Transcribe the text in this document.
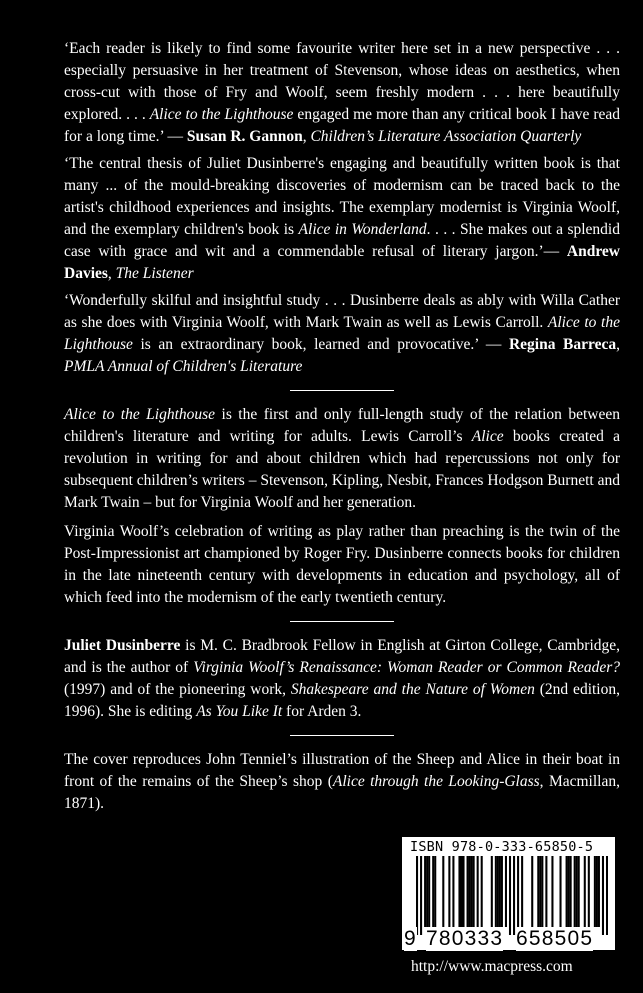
‘Each reader is likely to find some favourite writer here set in a new perspective . . . especially persuasive in her treatment of Stevenson, whose ideas on aesthetics, when cross-cut with those of Fry and Woolf, seem freshly modern . . . here beautifully explored. . . . Alice to the Lighthouse engaged me more than any critical book I have read for a long time.’ — Susan R. Gannon, Children’s Literature Association Quarterly

‘The central thesis of Juliet Dusinberre's engaging and beautifully written book is that many ... of the mould-breaking discoveries of modernism can be traced back to the artist's childhood experiences and insights. The exemplary modernist is Virginia Woolf, and the exemplary children's book is Alice in Wonderland. . . . She makes out a splendid case with grace and wit and a commendable refusal of literary jargon.’— Andrew Davies, The Listener

‘Wonderfully skilful and insightful study . . . Dusinberre deals as ably with Willa Cather as she does with Virginia Woolf, with Mark Twain as well as Lewis Carroll. Alice to the Lighthouse is an extraordinary book, learned and provocative.’ — Regina Barreca, PMLA Annual of Children's Literature

Alice to the Lighthouse is the first and only full-length study of the relation between children's literature and writing for adults. Lewis Carroll’s Alice books created a revolution in writing for and about children which had repercussions not only for subsequent children’s writers – Stevenson, Kipling, Nesbit, Frances Hodgson Burnett and Mark Twain – but for Virginia Woolf and her generation.

Virginia Woolf’s celebration of writing as play rather than preaching is the twin of the Post-Impressionist art championed by Roger Fry. Dusinberre connects books for children in the late nineteenth century with developments in education and psychology, all of which feed into the modernism of the early twentieth century.

Juliet Dusinberre is M. C. Bradbrook Fellow in English at Girton College, Cambridge, and is the author of Virginia Woolf’s Renaissance: Woman Reader or Common Reader? (1997) and of the pioneering work, Shakespeare and the Nature of Women (2nd edition, 1996). She is editing As You Like It for Arden 3.

The cover reproduces John Tenniel’s illustration of the Sheep and Alice in their boat in front of the remains of the Sheep’s shop (Alice through the Looking-Glass, Macmillan, 1871).

ISBN 978-0-333-65850-5
9 780333 658505
http://www.macpress.com
